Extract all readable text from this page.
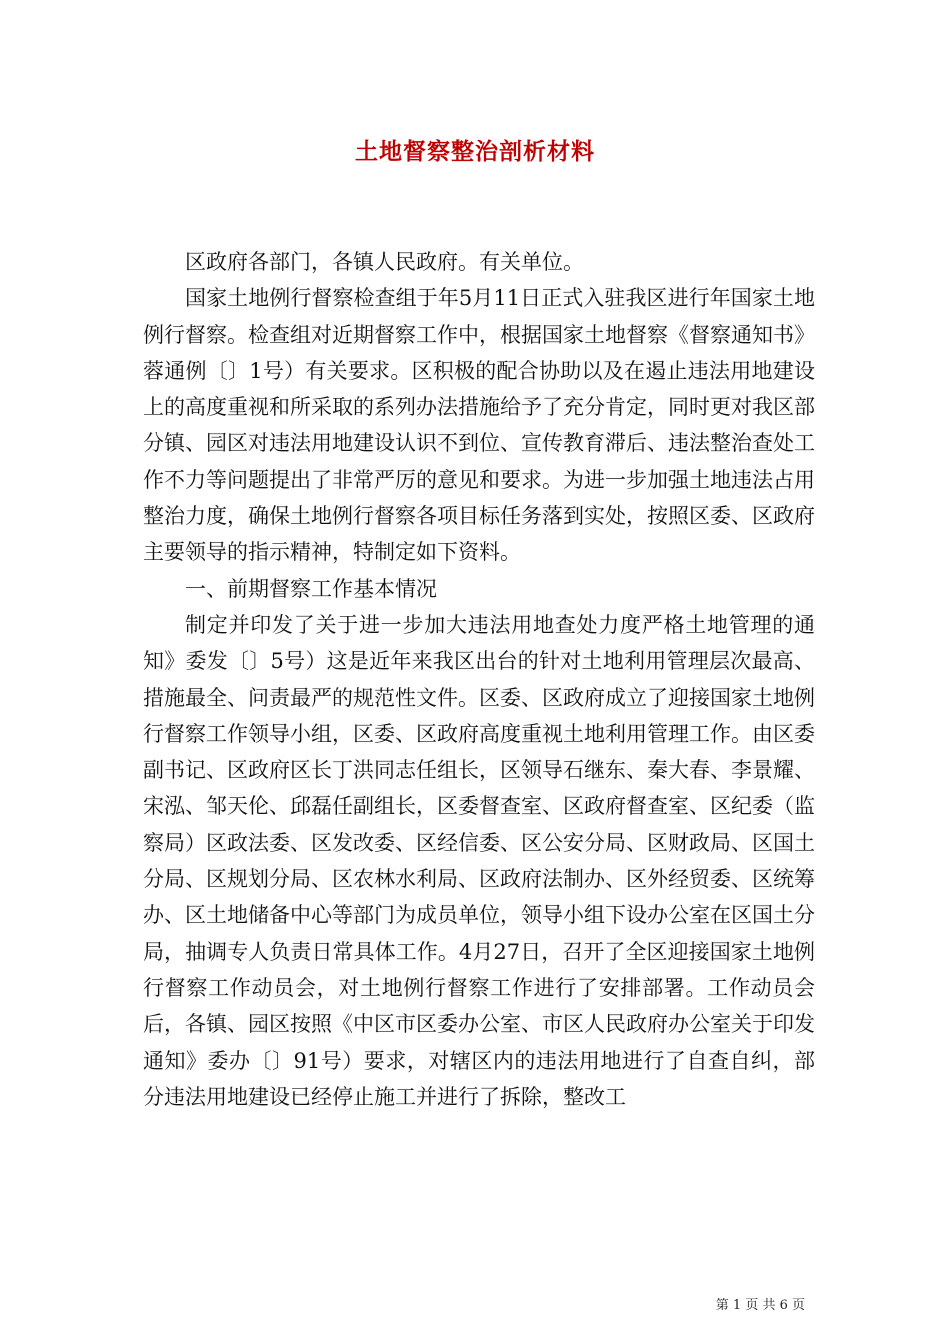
土地督察整治剖析材料

区政府各部门，各镇人民政府。有关单位。

国家土地例行督察检查组于年5月11日正式入驻我区进行年国家土地例行督察。检查组对近期督察工作中，根据国家土地督察《督察通知书》蓉通例〔〕1号）有关要求。区积极的配合协助以及在遏止违法用地建设上的高度重视和所采取的系列办法措施给予了充分肯定，同时更对我区部分镇、园区对违法用地建设认识不到位、宣传教育滞后、违法整治查处工作不力等问题提出了非常严厉的意见和要求。为进一步加强土地违法占用整治力度，确保土地例行督察各项目标任务落到实处，按照区委、区政府主要领导的指示精神，特制定如下资料。

一、前期督察工作基本情况

制定并印发了关于进一步加大违法用地查处力度严格土地管理的通知》委发〔〕5号）这是近年来我区出台的针对土地利用管理层次最高、措施最全、问责最严的规范性文件。区委、区政府成立了迎接国家土地例行督察工作领导小组，区委、区政府高度重视土地利用管理工作。由区委副书记、区政府区长丁洪同志任组长，区领导石继东、秦大春、李景耀、宋泓、邹天伦、邱磊任副组长，区委督查室、区政府督查室、区纪委（监察局）区政法委、区发改委、区经信委、区公安分局、区财政局、区国土分局、区规划分局、区农林水利局、区政府法制办、区外经贸委、区统筹办、区土地储备中心等部门为成员单位，领导小组下设办公室在区国土分局，抽调专人负责日常具体工作。4月27日，召开了全区迎接国家土地例行督察工作动员会，对土地例行督察工作进行了安排部署。工作动员会后，各镇、园区按照《中区市区委办公室、市区人民政府办公室关于印发通知》委办〔〕91号）要求，对辖区内的违法用地进行了自查自纠，部分违法用地建设已经停止施工并进行了拆除，整改工

第 1 页 共 6 页
